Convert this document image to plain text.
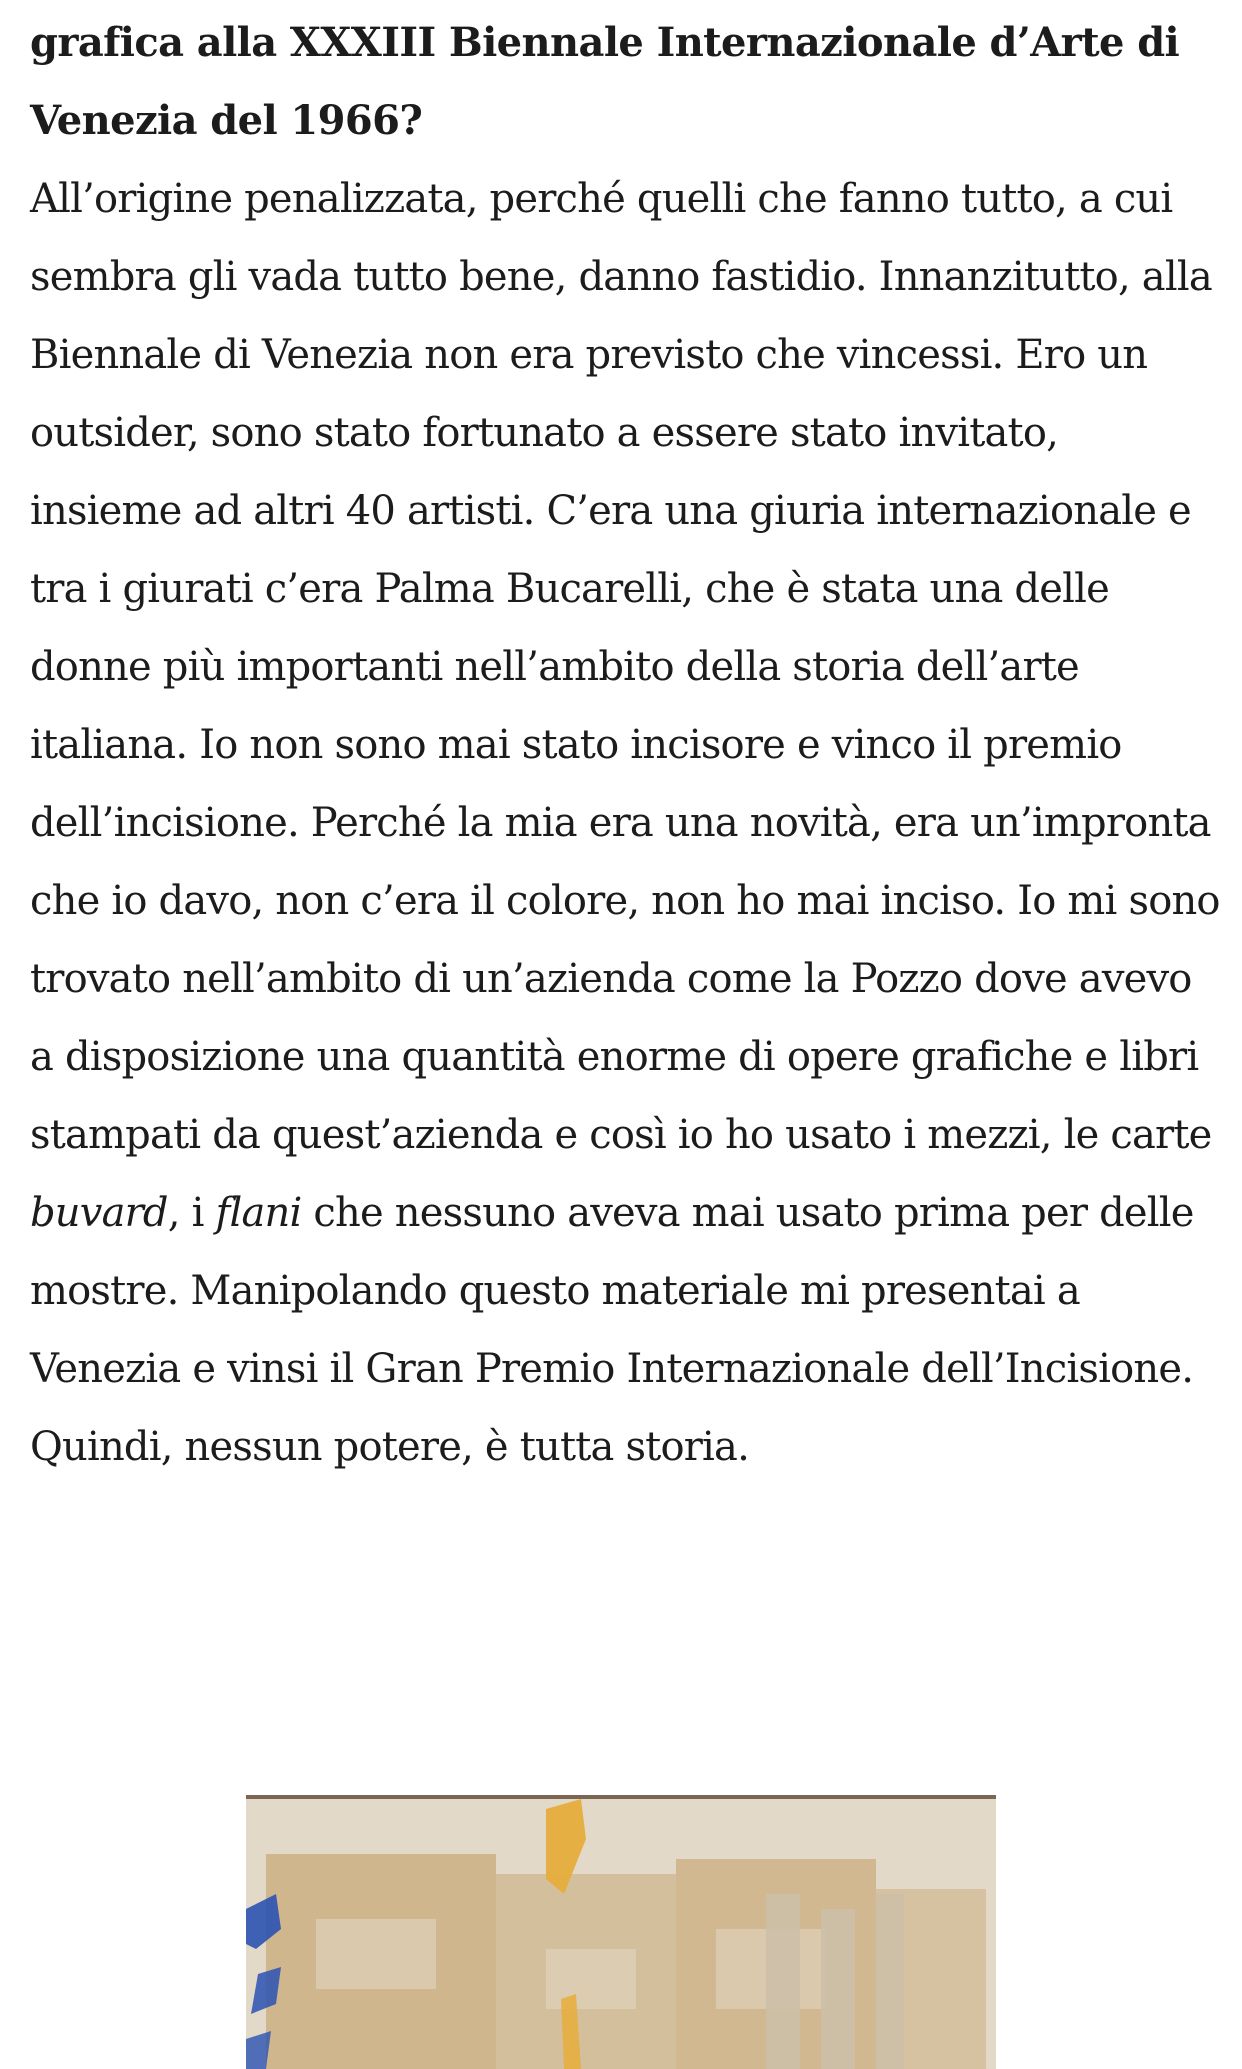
grafica alla XXXIII Biennale Internazionale d’Arte di Venezia del 1966?

All’origine penalizzata, perché quelli che fanno tutto, a cui sembra gli vada tutto bene, danno fastidio. Innanzitutto, alla Biennale di Venezia non era previsto che vincessi. Ero un outsider, sono stato fortunato a essere stato invitato, insieme ad altri 40 artisti. C’era una giuria internazionale e tra i giurati c’era Palma Bucarelli, che è stata una delle donne più importanti nell’ambito della storia dell’arte italiana. Io non sono mai stato incisore e vinco il premio dell’incisione. Perché la mia era una novità, era un’impronta che io davo, non c’era il colore, non ho mai inciso. Io mi sono trovato nell’ambito di un’azienda come la Pozzo dove avevo a disposizione una quantità enorme di opere grafiche e libri stampati da quest’azienda e così io ho usato i mezzi, le carte buvard, i flani che nessuno aveva mai usato prima per delle mostre. Manipolando questo materiale mi presentai a Venezia e vinsi il Gran Premio Internazionale dell’Incisione. Quindi, nessun potere, è tutta storia.
